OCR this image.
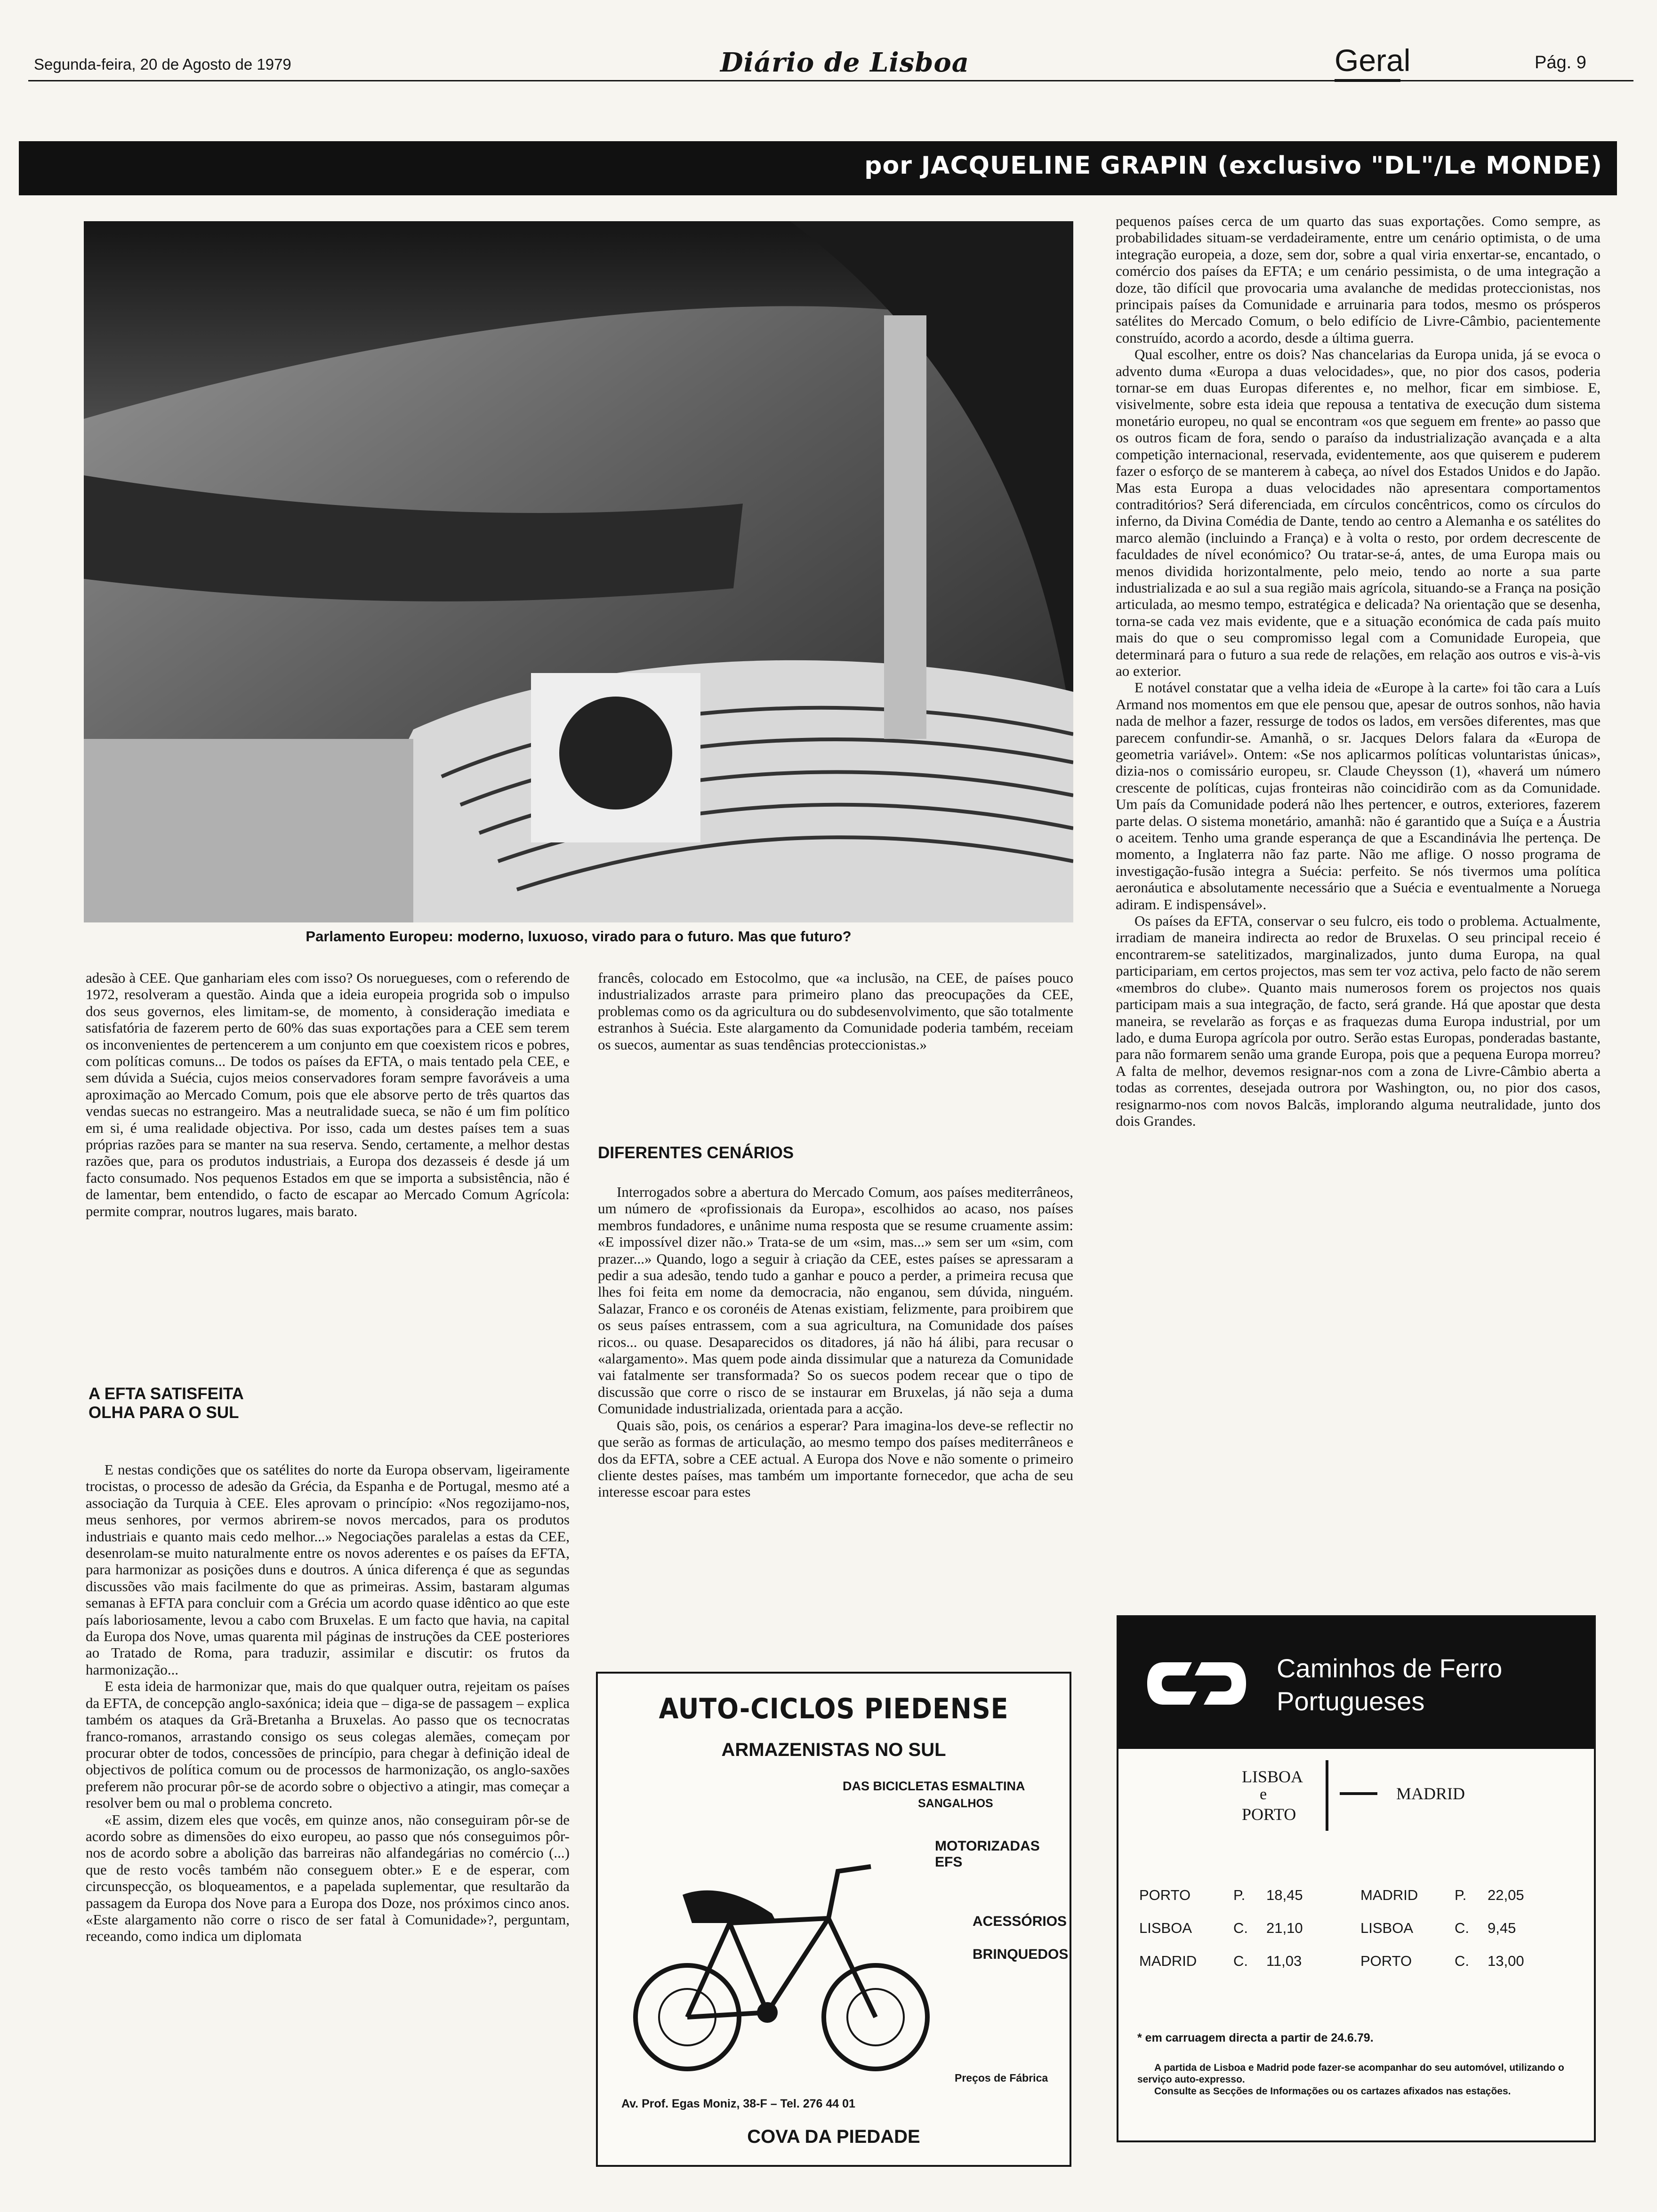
Segunda-feira, 20 de Agosto de 1979	Diário de Lisboa	Geral	Pág. 9
por JACQUELINE GRAPIN (exclusivo "DL"/Le MONDE)
Parlamento Europeu: moderno, luxuoso, virado para o futuro. Mas que futuro?

adesão à CEE. Que ganhariam eles com isso? Os noruegueses, com o referendo de 1972, resolveram a questão. Ainda que a ideia europeia progrida sob o impulso dos seus governos, eles limitam-se, de momento, à consideração imediata e satisfatória de fazerem perto de 60% das suas exportações para a CEE sem terem os inconvenientes de pertencerem a um conjunto em que coexistem ricos e pobres, com políticas comuns... De todos os países da EFTA, o mais tentado pela CEE, e sem dúvida a Suécia, cujos meios conservadores foram sempre favoráveis a uma aproximação ao Mercado Comum, pois que ele absorve perto de três quartos das vendas suecas no estrangeiro. Mas a neutralidade sueca, se não é um fim político em si, é uma realidade objectiva. Por isso, cada um destes países tem a suas próprias razões para se manter na sua reserva. Sendo, certamente, a melhor destas razões que, para os produtos industriais, a Europa dos dezasseis é desde já um facto consumado. Nos pequenos Estados em que se importa a subsistência, não é de lamentar, bem entendido, o facto de escapar ao Mercado Comum Agrícola: permite comprar, noutros lugares, mais barato.

A EFTA SATISFEITA
OLHA PARA O SUL

E nestas condições que os satélites do norte da Europa observam, ligeiramente trocistas, o processo de adesão da Grécia, da Espanha e de Portugal, mesmo até a associação da Turquia à CEE. Eles aprovam o princípio: «Nos regozijamo-nos, meus senhores, por vermos abrirem-se novos mercados, para os produtos industriais e quanto mais cedo melhor...» Negociações paralelas a estas da CEE, desenrolam-se muito naturalmente entre os novos aderentes e os países da EFTA, para harmonizar as posições duns e doutros. A única diferença é que as segundas discussões vão mais facilmente do que as primeiras. Assim, bastaram algumas semanas à EFTA para concluir com a Grécia um acordo quase idêntico ao que este país laboriosamente, levou a cabo com Bruxelas. E um facto que havia, na capital da Europa dos Nove, umas quarenta mil páginas de instruções da CEE posteriores ao Tratado de Roma, para traduzir, assimilar e discutir: os frutos da harmonização...

E esta ideia de harmonizar que, mais do que qualquer outra, rejeitam os países da EFTA, de concepção anglo-saxónica; ideia que – diga-se de passagem – explica também os ataques da Grã-Bretanha a Bruxelas. Ao passo que os tecnocratas franco-romanos, arrastando consigo os seus colegas alemães, começam por procurar obter de todos, concessões de princípio, para chegar à definição ideal de objectivos de política comum ou de processos de harmonização, os anglo-saxões preferem não procurar pôr-se de acordo sobre o objectivo a atingir, mas começar a resolver bem ou mal o problema concreto.

«E assim, dizem eles que vocês, em quinze anos, não conseguiram pôr-se de acordo sobre as dimensões do eixo europeu, ao passo que nós conseguimos pôr-nos de acordo sobre a abolição das barreiras não alfandegárias no comércio (...) que de resto vocês também não conseguem obter.» E e de esperar, com circunspecção, os bloqueamentos, e a papelada suplementar, que resultarão da passagem da Europa dos Nove para a Europa dos Doze, nos próximos cinco anos. «Este alargamento não corre o risco de ser fatal à Comunidade»?, perguntam, receando, como indica um diplomata

francês, colocado em Estocolmo, que «a inclusão, na CEE, de países pouco industrializados arraste para primeiro plano das preocupações da CEE, problemas como os da agricultura ou do subdesenvolvimento, que são totalmente estranhos à Suécia. Este alargamento da Comunidade poderia também, receiam os suecos, aumentar as suas tendências proteccionistas.»

DIFERENTES CENÁRIOS

Interrogados sobre a abertura do Mercado Comum, aos países mediterrâneos, um número de «profissionais da Europa», escolhidos ao acaso, nos países membros fundadores, e unânime numa resposta que se resume cruamente assim: «E impossível dizer não.» Trata-se de um «sim, mas...» sem ser um «sim, com prazer...» Quando, logo a seguir à criação da CEE, estes países se apressaram a pedir a sua adesão, tendo tudo a ganhar e pouco a perder, a primeira recusa que lhes foi feita em nome da democracia, não enganou, sem dúvida, ninguém. Salazar, Franco e os coronéis de Atenas existiam, felizmente, para proibirem que os seus países entrassem, com a sua agricultura, na Comunidade dos países ricos... ou quase. Desaparecidos os ditadores, já não há álibi, para recusar o «alargamento». Mas quem pode ainda dissimular que a natureza da Comunidade vai fatalmente ser transformada? So os suecos podem recear que o tipo de discussão que corre o risco de se instaurar em Bruxelas, já não seja a duma Comunidade industrializada, orientada para a acção.

Quais são, pois, os cenários a esperar? Para imagina-los deve-se reflectir no que serão as formas de articulação, ao mesmo tempo dos países mediterrâneos e dos da EFTA, sobre a CEE actual. A Europa dos Nove e não somente o primeiro cliente destes países, mas também um importante fornecedor, que acha de seu interesse escoar para estes

pequenos países cerca de um quarto das suas exportações. Como sempre, as probabilidades situam-se verdadeiramente, entre um cenário optimista, o de uma integração europeia, a doze, sem dor, sobre a qual viria enxertar-se, encantado, o comércio dos países da EFTA; e um cenário pessimista, o de uma integração a doze, tão difícil que provocaria uma avalanche de medidas proteccionistas, nos principais países da Comunidade e arruinaria para todos, mesmo os prósperos satélites do Mercado Comum, o belo edifício de Livre-Câmbio, pacientemente construído, acordo a acordo, desde a última guerra.

Qual escolher, entre os dois? Nas chancelarias da Europa unida, já se evoca o advento duma «Europa a duas velocidades», que, no pior dos casos, poderia tornar-se em duas Europas diferentes e, no melhor, ficar em simbiose. E, visivelmente, sobre esta ideia que repousa a tentativa de execução dum sistema monetário europeu, no qual se encontram «os que seguem em frente» ao passo que os outros ficam de fora, sendo o paraíso da industrialização avançada e a alta competição internacional, reservada, evidentemente, aos que quiserem e puderem fazer o esforço de se manterem à cabeça, ao nível dos Estados Unidos e do Japão. Mas esta Europa a duas velocidades não apresentara comportamentos contraditórios? Será diferenciada, em círculos concêntricos, como os círculos do inferno, da Divina Comédia de Dante, tendo ao centro a Alemanha e os satélites do marco alemão (incluindo a França) e à volta o resto, por ordem decrescente de faculdades de nível económico? Ou tratar-se-á, antes, de uma Europa mais ou menos dividida horizontalmente, pelo meio, tendo ao norte a sua parte industrializada e ao sul a sua região mais agrícola, situando-se a França na posição articulada, ao mesmo tempo, estratégica e delicada? Na orientação que se desenha, torna-se cada vez mais evidente, que e a situação económica de cada país muito mais do que o seu compromisso legal com a Comunidade Europeia, que determinará para o futuro a sua rede de relações, em relação aos outros e vis-à-vis ao exterior.

E notável constatar que a velha ideia de «Europe à la carte» foi tão cara a Luís Armand nos momentos em que ele pensou que, apesar de outros sonhos, não havia nada de melhor a fazer, ressurge de todos os lados, em versões diferentes, mas que parecem confundir-se. Amanhã, o sr. Jacques Delors falara da «Europa de geometria variável». Ontem: «Se nos aplicarmos políticas voluntaristas únicas», dizia-nos o comissário europeu, sr. Claude Cheysson (1), «haverá um número crescente de políticas, cujas fronteiras não coincidirão com as da Comunidade. Um país da Comunidade poderá não lhes pertencer, e outros, exteriores, fazerem parte delas. O sistema monetário, amanhã: não é garantido que a Suíça e a Áustria o aceitem. Tenho uma grande esperança de que a Escandinávia lhe pertença. De momento, a Inglaterra não faz parte. Não me aflige. O nosso programa de investigação-fusão integra a Suécia: perfeito. Se nós tivermos uma política aeronáutica e absolutamente necessário que a Suécia e eventualmente a Noruega adiram. E indispensável».

Os países da EFTA, conservar o seu fulcro, eis todo o problema. Actualmente, irradiam de maneira indirecta ao redor de Bruxelas. O seu principal receio é encontrarem-se satelitizados, marginalizados, junto duma Europa, na qual participariam, em certos projectos, mas sem ter voz activa, pelo facto de não serem «membros do clube». Quanto mais numerosos forem os projectos nos quais participam mais a sua integração, de facto, será grande. Há que apostar que desta maneira, se revelarão as forças e as fraquezas duma Europa industrial, por um lado, e duma Europa agrícola por outro. Serão estas Europas, ponderadas bastante, para não formarem senão uma grande Europa, pois que a pequena Europa morreu? A falta de melhor, devemos resignar-nos com a zona de Livre-Câmbio aberta a todas as correntes, desejada outrora por Washington, ou, no pior dos casos, resignarmo-nos com novos Balcãs, implorando alguma neutralidade, junto dos dois Grandes.

AUTO-CICLOS PIEDENSE
ARMAZENISTAS NO SUL
DAS BICICLETAS ESMALTINA
SANGALHOS
MOTORIZADAS EFS
ACESSÓRIOS
BRINQUEDOS
Preços de Fábrica
Av. Prof. Egas Moniz, 38-F – Tel. 276 44 01
COVA DA PIEDADE
Caminhos de Ferro
Portugueses
LISBOA
e
PORTO
MADRID
PORTO	P.	18,45	MADRID	P.	22,05
LISBOA	C.	21,10	LISBOA	C.	9,45
MADRID	C.	11,03	PORTO	C.	13,00
* em carruagem directa a partir de 24.6.79.

A partida de Lisboa e Madrid pode fazer-se acompanhar do seu automóvel, utilizando o serviço auto-expresso.

Consulte as Secções de Informações ou os cartazes afixados nas estações.
